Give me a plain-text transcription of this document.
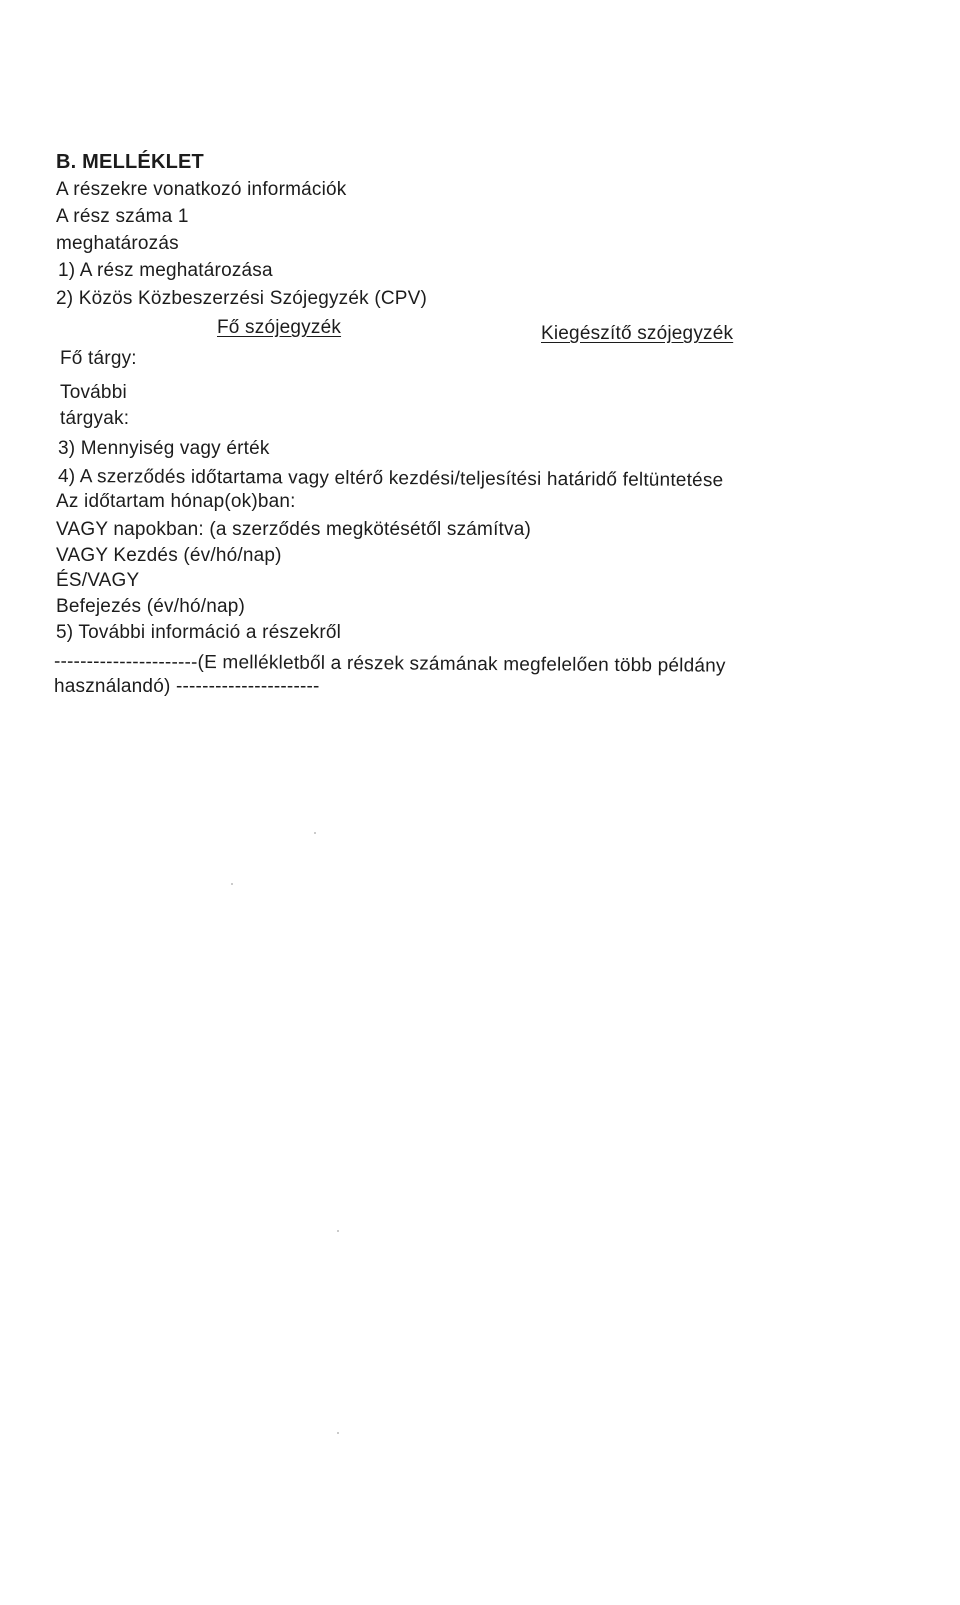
B. MELLÉKLET
A részekre vonatkozó információk
A rész száma 1
meghatározás
1) A rész meghatározása
2) Közös Közbeszerzési Szójegyzék (CPV)
Fő szójegyzék	Kiegészítő szójegyzék
Fő tárgy:
További
tárgyak:
3) Mennyiség vagy érték
4) A szerződés időtartama vagy eltérő kezdési/teljesítési határidő feltüntetése
Az időtartam hónap(ok)ban:
VAGY napokban: (a szerződés megkötésétől számítva)
VAGY Kezdés (év/hó/nap)
ÉS/VAGY
Befejezés (év/hó/nap)
5) További információ a részekről
----------------------(E mellékletből a részek számának megfelelően több példány
használandó) ----------------------
